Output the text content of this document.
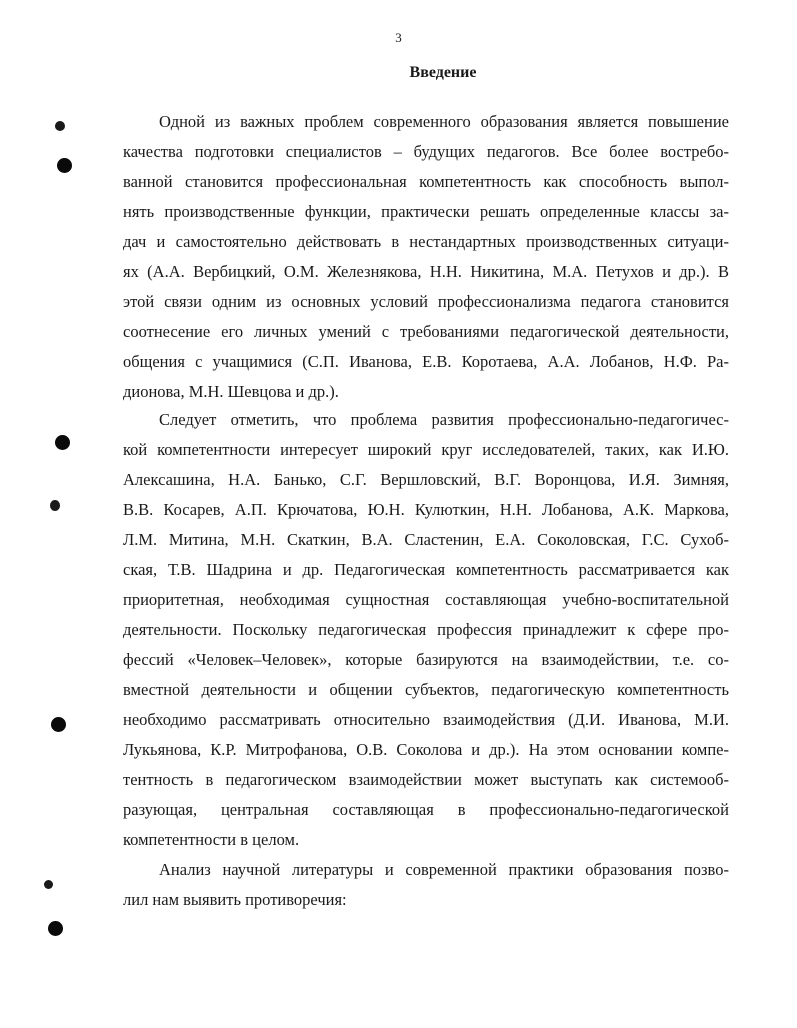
3
Введение
Одной из важных проблем современного образования является повышение
качества подготовки специалистов – будущих педагогов. Все более востребо-
ванной становится профессиональная компетентность как способность выпол-
нять производственные функции, практически решать определенные классы за-
дач и самостоятельно действовать в нестандартных производственных ситуаци-
ях (А.А. Вербицкий, О.М. Железнякова, Н.Н. Никитина, М.А. Петухов и др.). В
этой связи одним из основных условий профессионализма педагога становится
соотнесение его личных умений с требованиями педагогической деятельности,
общения с учащимися (С.П. Иванова, Е.В. Коротаева, А.А. Лобанов, Н.Ф. Ра-
дионова, М.Н. Шевцова и др.).
Следует отметить, что проблема развития профессионально-педагогичес-
кой компетентности интересует широкий круг исследователей, таких, как И.Ю.
Алексашина, Н.А. Банько, С.Г. Вершловский, В.Г. Воронцова, И.Я. Зимняя,
В.В. Косарев, А.П. Крючатова, Ю.Н. Кулюткин, Н.Н. Лобанова, А.К. Маркова,
Л.М. Митина, М.Н. Скаткин, В.А. Сластенин, Е.А. Соколовская, Г.С. Сухоб-
ская, Т.В. Шадрина и др. Педагогическая компетентность рассматривается как
приоритетная, необходимая сущностная составляющая учебно-воспитательной
деятельности. Поскольку педагогическая профессия принадлежит к сфере про-
фессий «Человек–Человек», которые базируются на взаимодействии, т.е. со-
вместной деятельности и общении субъектов, педагогическую компетентность
необходимо рассматривать относительно взаимодействия (Д.И. Иванова, М.И.
Лукьянова, К.Р. Митрофанова, О.В. Соколова и др.). На этом основании компе-
тентность в педагогическом взаимодействии может выступать как системооб-
разующая, центральная составляющая в профессионально-педагогической
компетентности в целом.
Анализ научной литературы и современной практики образования позво-
лил нам выявить противоречия:
